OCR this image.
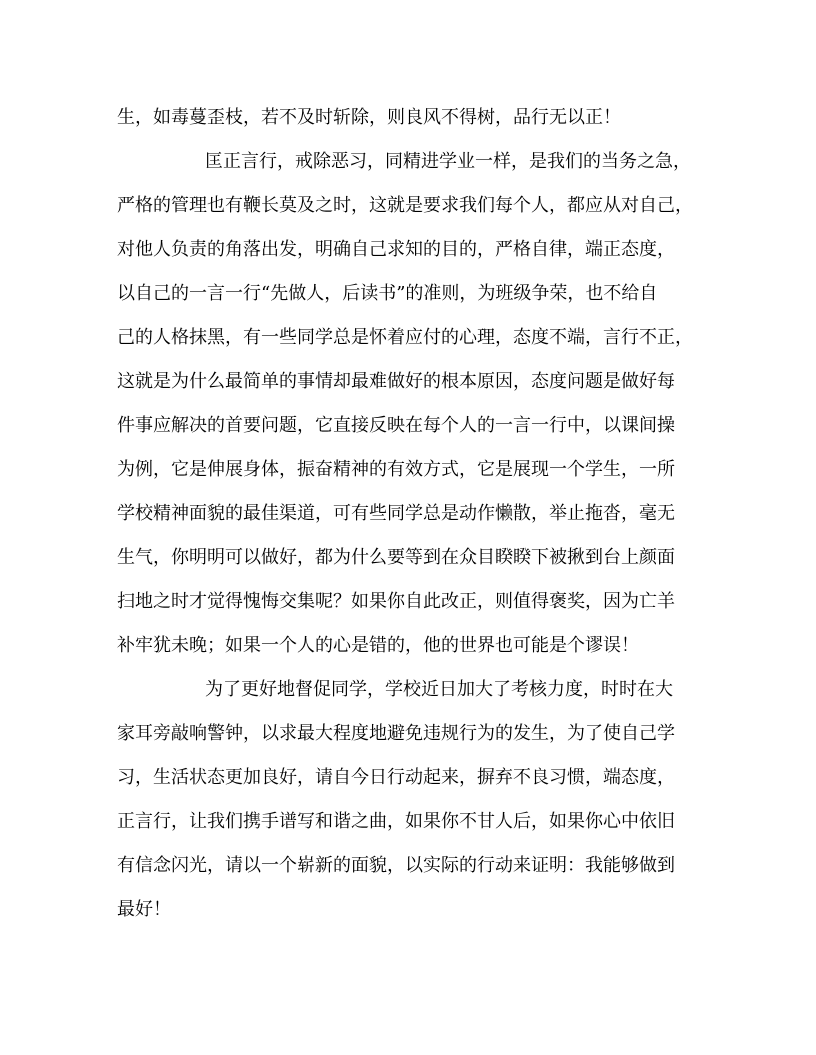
生，如毒蔓歪枝，若不及时斩除，则良风不得树，品行无以正！

匡正言行，戒除恶习，同精进学业一样，是我们的当务之急，

严格的管理也有鞭长莫及之时，这就是要求我们每个人，都应从对自己，

对他人负责的角落出发，明确自己求知的目的，严格自律，端正态度，

以自己的一言一行“先做人，后读书”的准则，为班级争荣，也不给自

己的人格抹黑，有一些同学总是怀着应付的心理，态度不端，言行不正，

这就是为什么最简单的事情却最难做好的根本原因，态度问题是做好每

件事应解决的首要问题，它直接反映在每个人的一言一行中，以课间操

为例，它是伸展身体，振奋精神的有效方式，它是展现一个学生，一所

学校精神面貌的最佳渠道，可有些同学总是动作懒散，举止拖沓，毫无

生气，你明明可以做好，都为什么要等到在众目睽睽下被揪到台上颜面

扫地之时才觉得愧悔交集呢？如果你自此改正，则值得褒奖，因为亡羊

补牢犹未晚；如果一个人的心是错的，他的世界也可能是个谬误！

为了更好地督促同学，学校近日加大了考核力度，时时在大

家耳旁敲响警钟，以求最大程度地避免违规行为的发生，为了使自己学

习，生活状态更加良好，请自今日行动起来，摒弃不良习惯，端态度，

正言行，让我们携手谱写和谐之曲，如果你不甘人后，如果你心中依旧

有信念闪光，请以一个崭新的面貌，以实际的行动来证明：我能够做到

最好！
